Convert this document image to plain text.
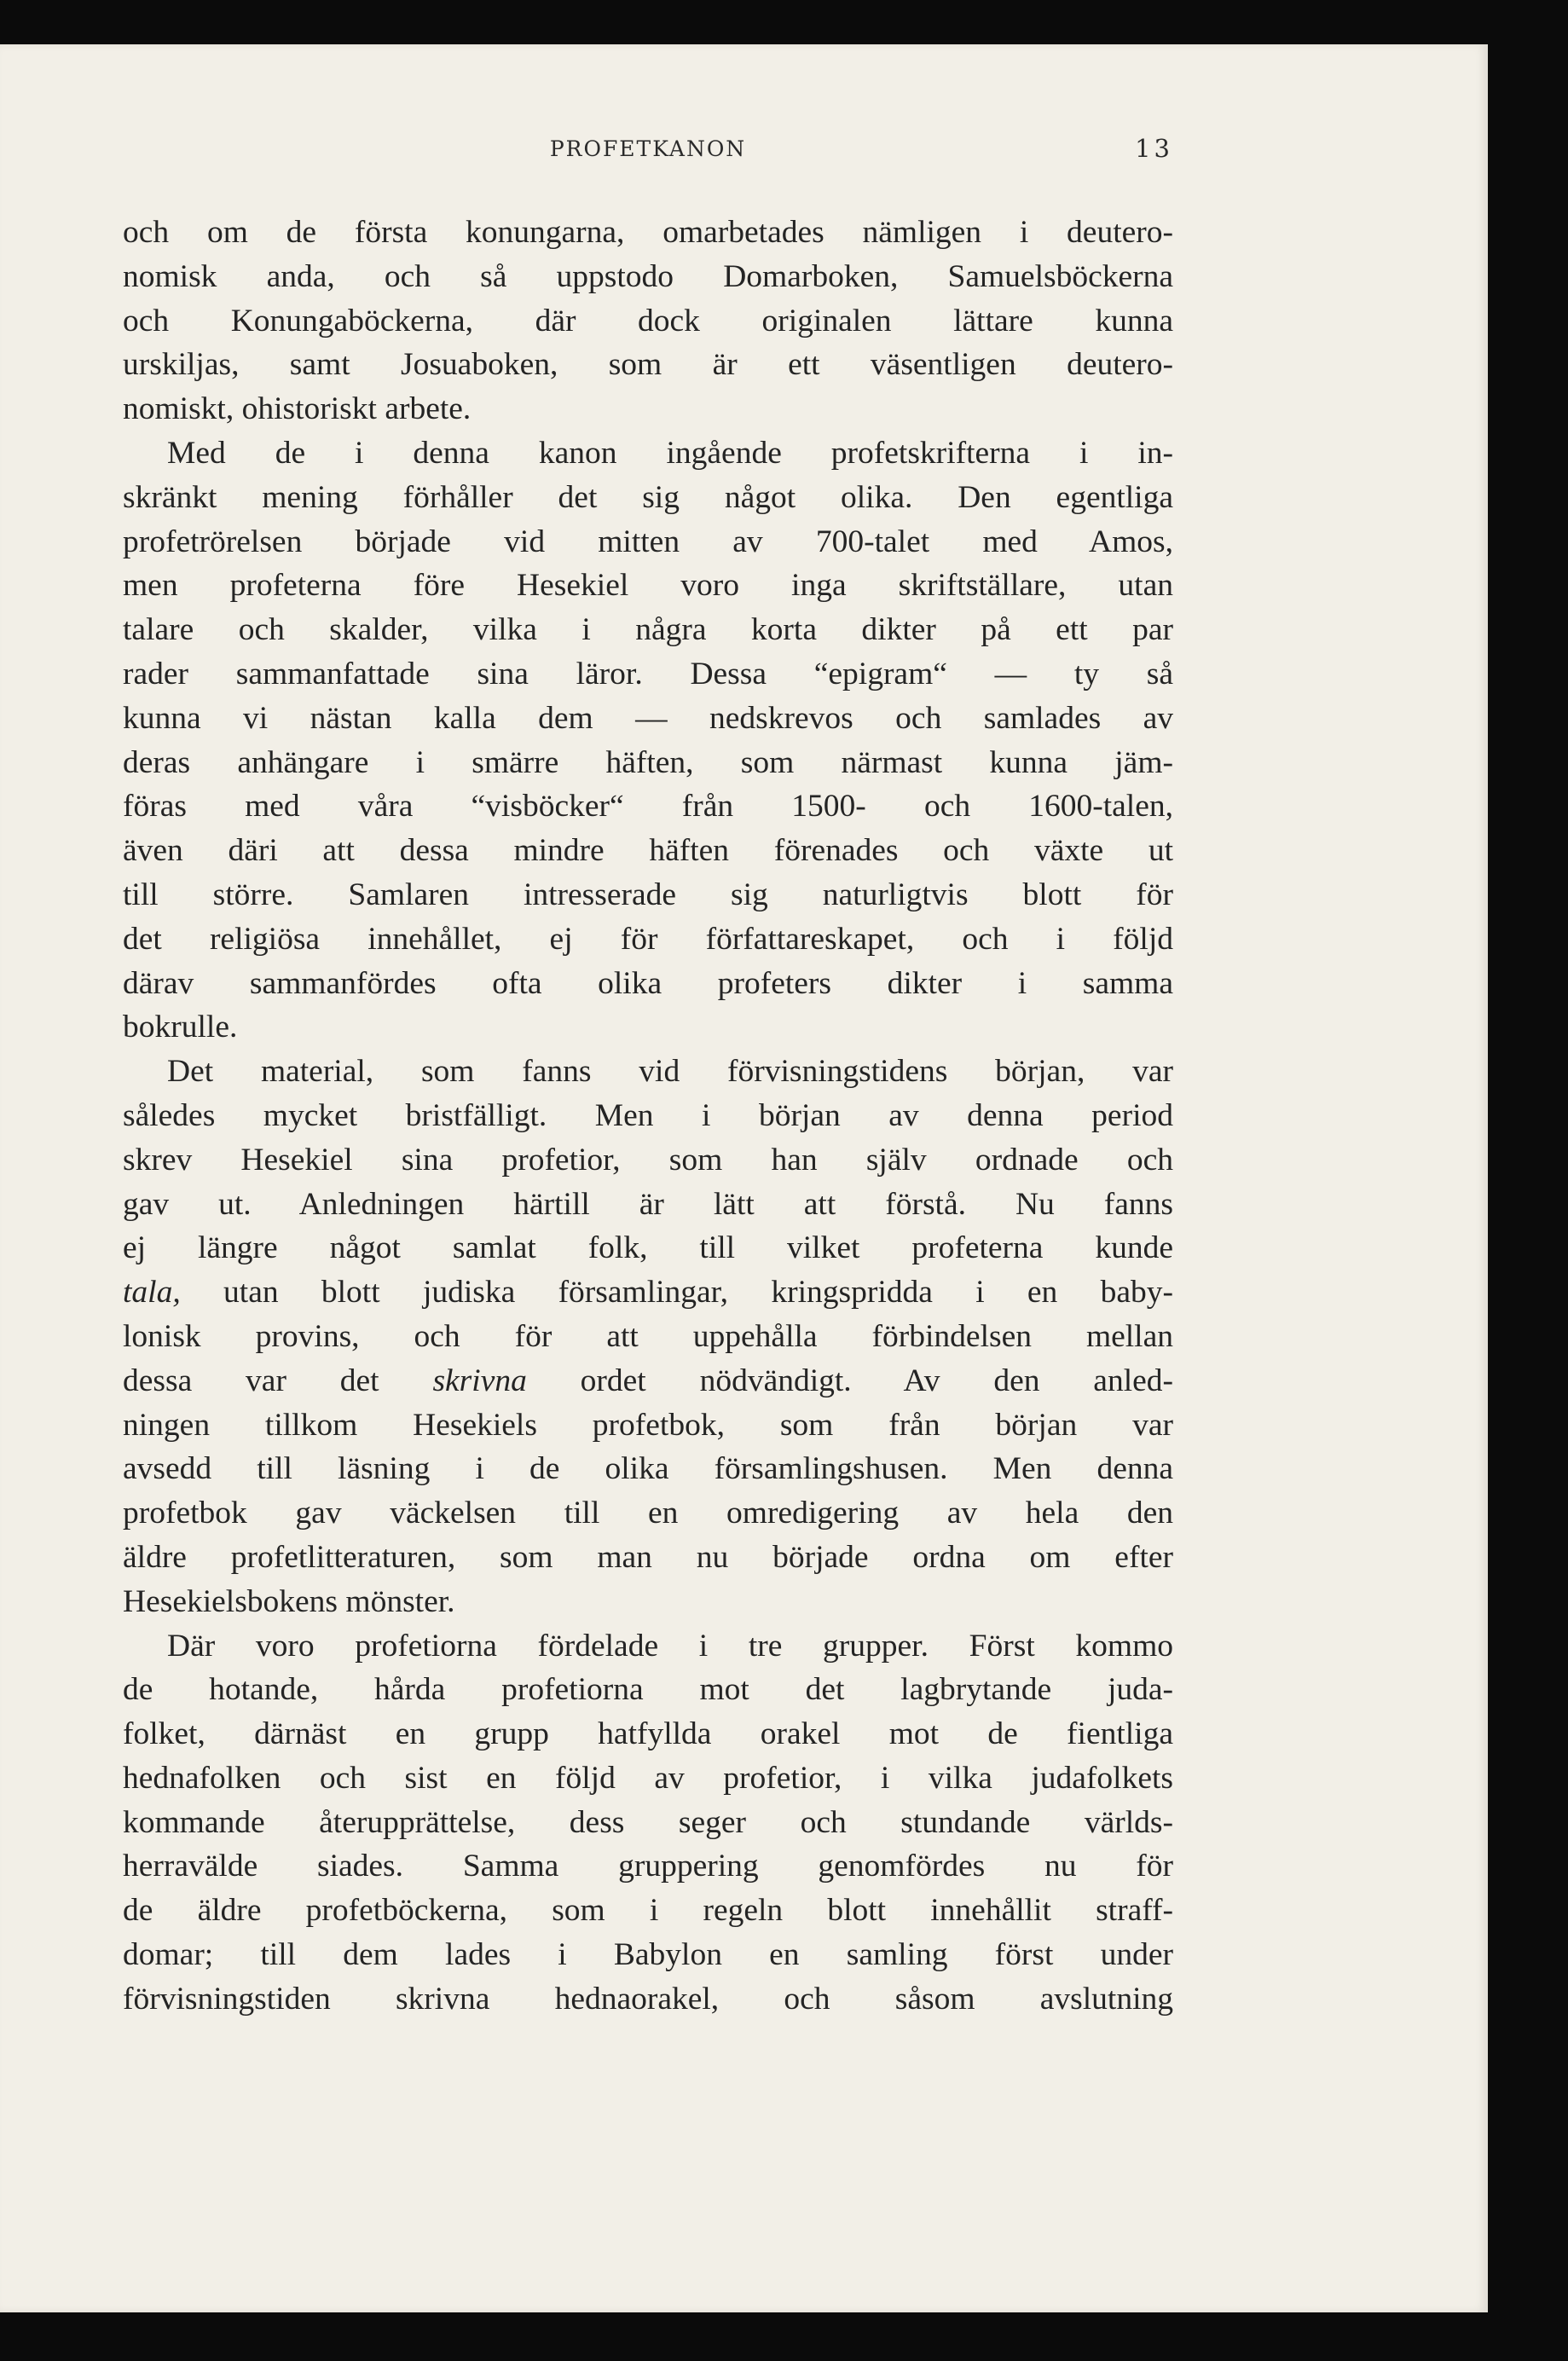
PROFETKANON	13
och om de första konungarna, omarbetades nämligen i deutero-
nomisk anda, och så uppstodo Domarboken, Samuelsböckerna
och Konungaböckerna, där dock originalen lättare kunna
urskiljas, samt Josuaboken, som är ett väsentligen deutero-
nomiskt, ohistoriskt arbete.
Med de i denna kanon ingående profetskrifterna i in-
skränkt mening förhåller det sig något olika. Den egentliga
profetrörelsen började vid mitten av 700-talet med Amos,
men profeterna före Hesekiel voro inga skriftställare, utan
talare och skalder, vilka i några korta dikter på ett par
rader sammanfattade sina läror. Dessa “epigram“ — ty så
kunna vi nästan kalla dem — nedskrevos och samlades av
deras anhängare i smärre häften, som närmast kunna jäm-
föras med våra “visböcker“ från 1500- och 1600-talen,
även däri att dessa mindre häften förenades och växte ut
till större. Samlaren intresserade sig naturligtvis blott för
det religiösa innehållet, ej för författareskapet, och i följd
därav sammanfördes ofta olika profeters dikter i samma
bokrulle.
Det material, som fanns vid förvisningstidens början, var
således mycket bristfälligt. Men i början av denna period
skrev Hesekiel sina profetior, som han själv ordnade och
gav ut. Anledningen härtill är lätt att förstå. Nu fanns
ej längre något samlat folk, till vilket profeterna kunde
tala, utan blott judiska församlingar, kringspridda i en baby-
lonisk provins, och för att uppehålla förbindelsen mellan
dessa var det skrivna ordet nödvändigt. Av den anled-
ningen tillkom Hesekiels profetbok, som från början var
avsedd till läsning i de olika församlingshusen. Men denna
profetbok gav väckelsen till en omredigering av hela den
äldre profetlitteraturen, som man nu började ordna om efter
Hesekielsbokens mönster.
Där voro profetiorna fördelade i tre grupper. Först kommo
de hotande, hårda profetiorna mot det lagbrytande juda-
folket, därnäst en grupp hatfyllda orakel mot de fientliga
hednafolken och sist en följd av profetior, i vilka judafolkets
kommande återupprättelse, dess seger och stundande världs-
herravälde siades. Samma gruppering genomfördes nu för
de äldre profetböckerna, som i regeln blott innehållit straff-
domar; till dem lades i Babylon en samling först under
förvisningstiden skrivna hednaorakel, och såsom avslutning
